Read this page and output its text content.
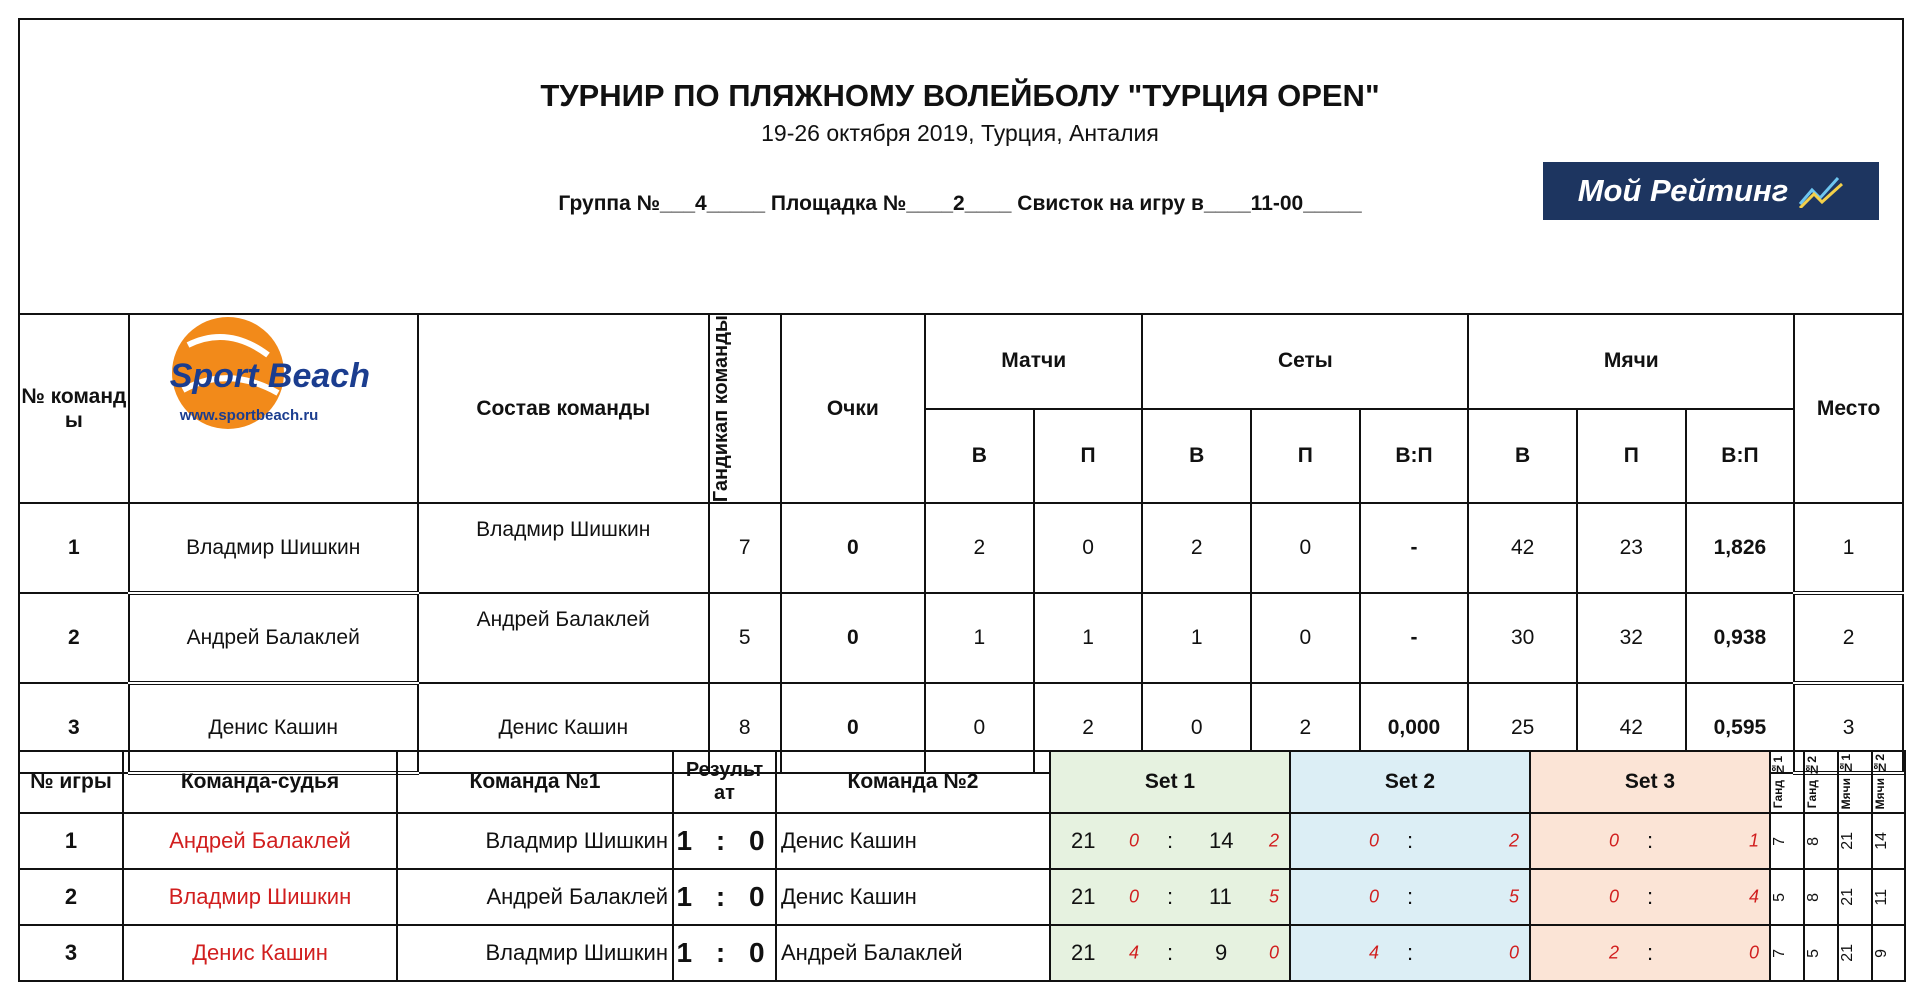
ТУРНИР ПО ПЛЯЖНОМУ ВОЛЕЙБОЛУ "ТУРЦИЯ OPEN"
19-26 октября 2019, Турция, Анталия
Группа №___4_____ Площадка №____2____ Свисток на игру в____11-00_____	Мой Рейтинг
№ команд ы	Sport Beach
www.sportbeach.ru	Состав команды	Гандикап команды	Очки	Матчи		Сеты			Мячи			Место
					В	П	В	П	В:П	В	П	В:П	
1	Владмир Шишкин	Владмир Шишкин	7	0	2	0	2	0	-	42	23	1,826	1
2	Андрей Балаклей	Андрей Балаклей	5	0	1	1	1	0	-	30	32	0,938	2
3	Денис Кашин	Денис Кашин	8	0	0	2	0	2	0,000	25	42	0,595	3
№ игры	Команда-судья	Команда №1	Результ ат	Команда №2	Set 1	Set 2	Set 3	Ганд №1	Ганд №2	Мячи №1	Мячи №2

1	Андрей Балаклей	Владмир Шишкин	1 : 0	Денис Кашин	21 0 : 14 2	0 : 2	0 : 1	7	8	21	14

2	Владмир Шишкин	Андрей Балаклей	1 : 0	Денис Кашин	21 0 : 11 5	0 : 5	0 : 4	5	8	21	11

3	Денис Кашин	Владмир Шишкин	1 : 0	Андрей Балаклей	21 4 : 9 0	4 : 0	2 : 0	7	5	21	9
